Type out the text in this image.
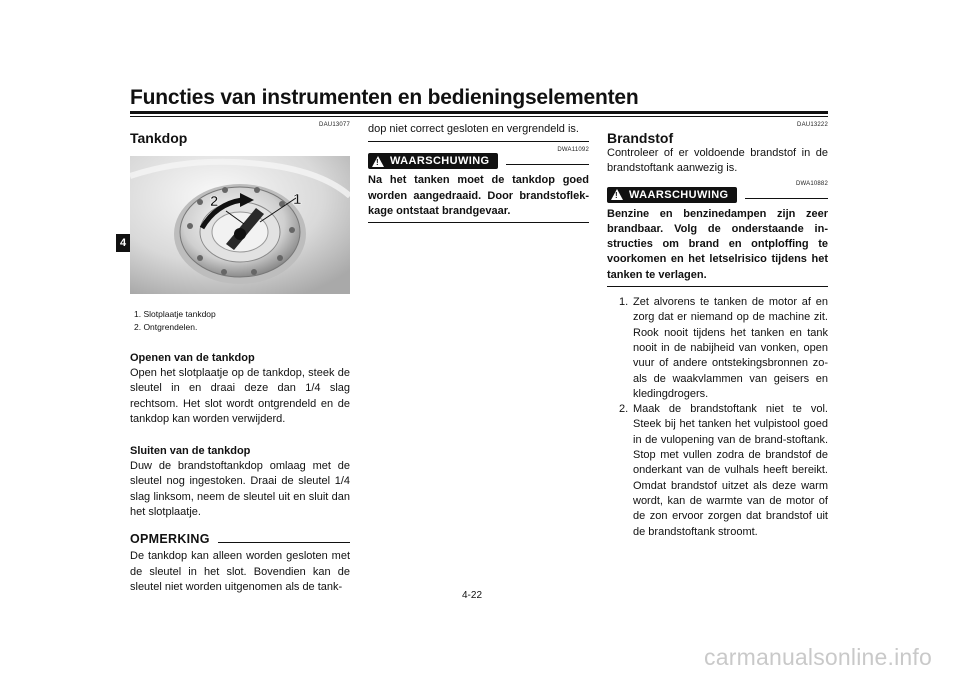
Functies van instrumenten en bedieningselementen
4
DAU13077
Tankdop
2	1
1. Slotplaatje tankdop
2. Ontgrendelen.
Openen van de tankdop
Open het slotplaatje op de tankdop, steek de sleutel in en draai deze dan 1/4 slag rechtsom. Het slot wordt ontgrendeld en de tankdop kan worden verwijderd.
Sluiten van de tankdop
Duw de brandstoftankdop omlaag met de sleutel nog ingestoken. Draai de sleutel 1/4 slag linksom, neem de sleutel uit en sluit dan het slotplaatje.
OPMERKING
De tankdop kan alleen worden gesloten met de sleutel in het slot. Bovendien kan de sleutel niet worden uitgenomen als de tank-
dop niet correct gesloten en vergrendeld is.
DWA11092
! WAARSCHUWING
Na het tanken moet de tankdop goed worden aangedraaid. Door brandstoflek-kage ontstaat brandgevaar.
DAU13222
Brandstof
Controleer of er voldoende brandstof in de brandstoftank aanwezig is.
DWA10882
! WAARSCHUWING
Benzine en benzinedampen zijn zeer brandbaar. Volg de onderstaande in-structies om brand en ontploffing te voorkomen en het letselrisico tijdens het tanken te verlagen.
1. Zet alvorens te tanken de motor af en zorg dat er niemand op de machine zit. Rook nooit tijdens het tanken en tank nooit in de nabijheid van vonken, open vuur of andere ontstekingsbronnen zo-als de waakvlammen van geisers en kledingdrogers.
2. Maak de brandstoftank niet te vol. Steek bij het tanken het vulpistool goed in de vulopening van de brand-stoftank. Stop met vullen zodra de brandstof de onderkant van de vulhals heeft bereikt. Omdat brandstof uitzet als deze warm wordt, kan de warmte van de motor of de zon ervoor zorgen dat brandstof uit de brandstoftank stroomt.
4-22
carmanualsonline.info
